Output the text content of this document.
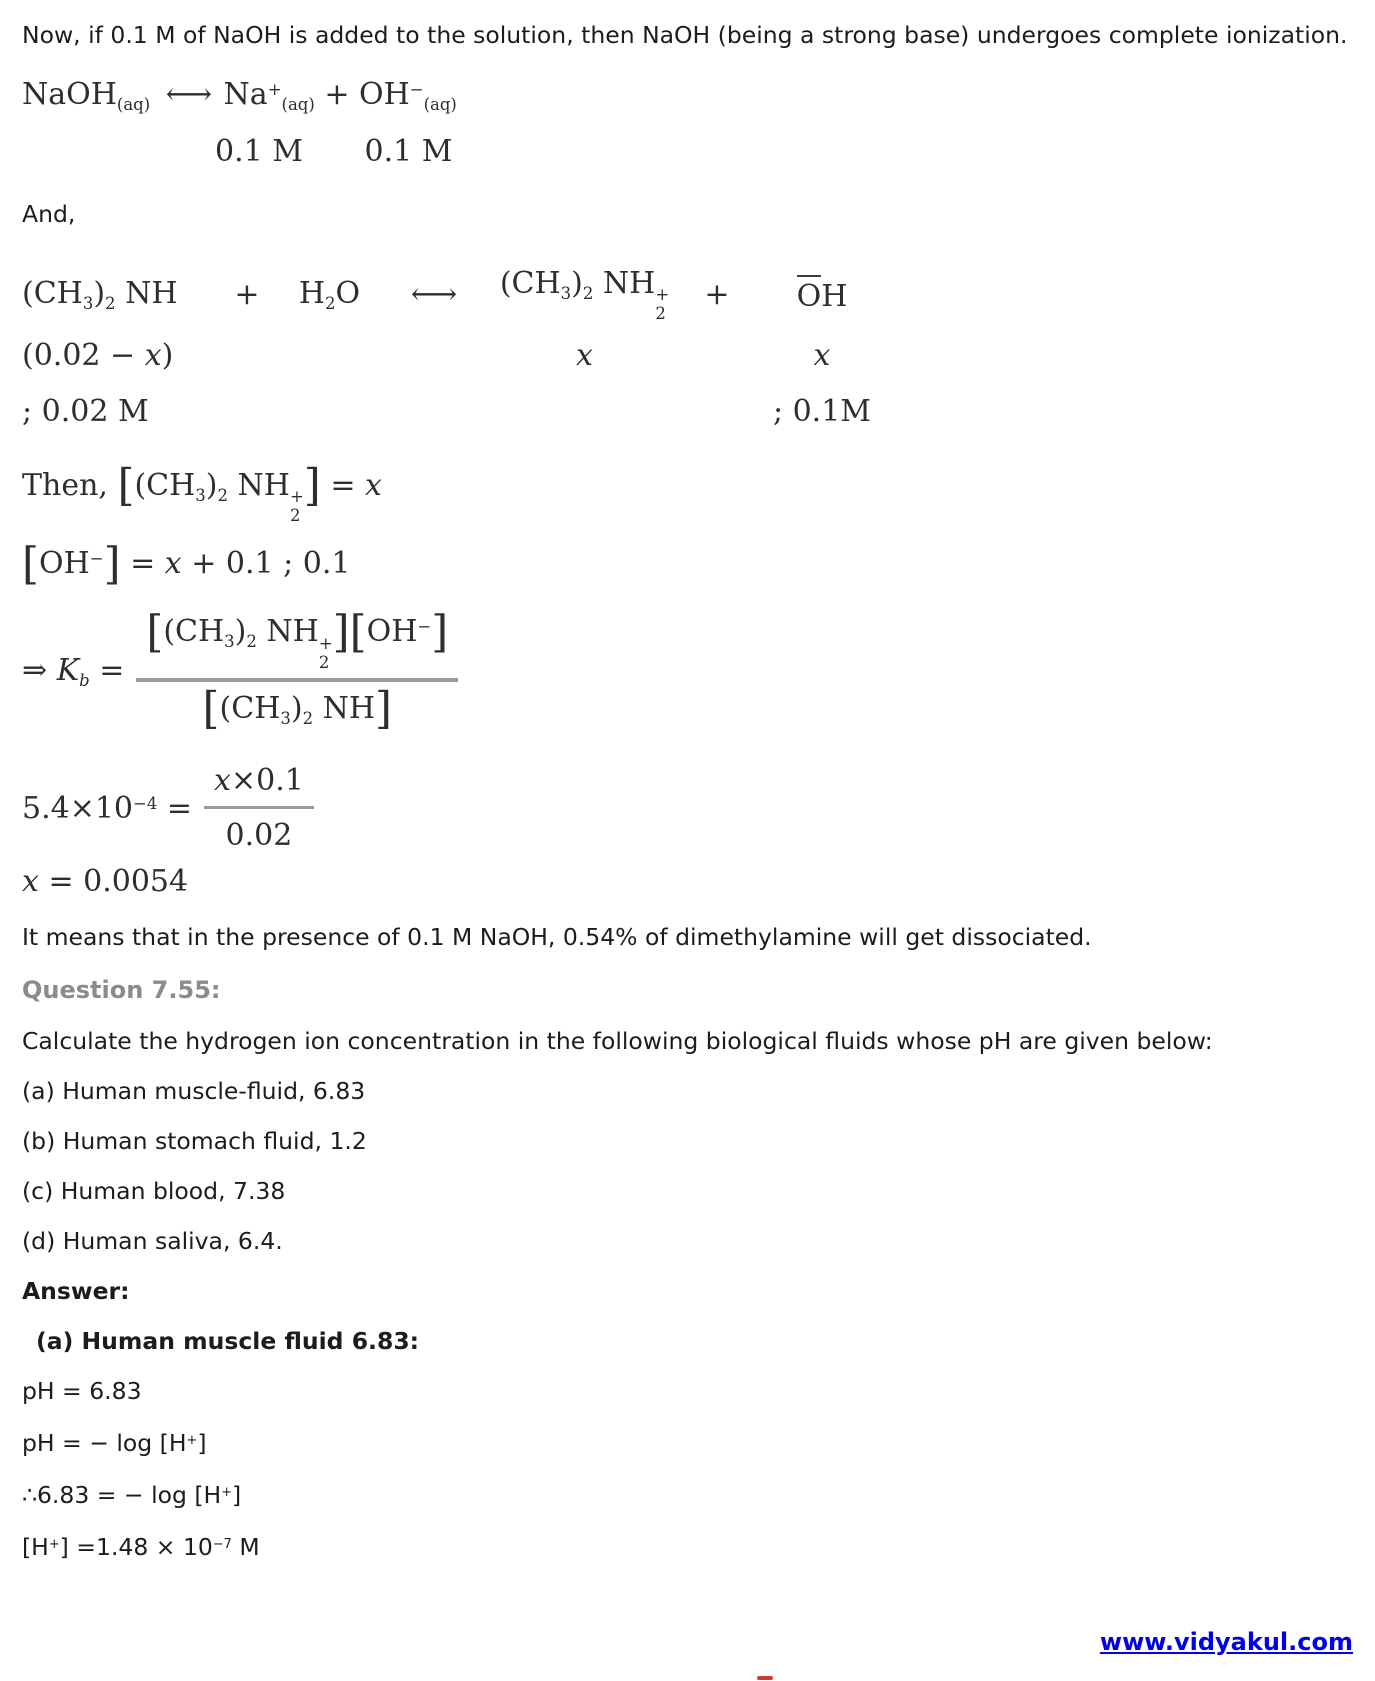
Now, if 0.1 M of NaOH is added to the solution, then NaOH (being a strong base) undergoes complete ionization.
NaOH(aq) ←→ Na+(aq) + OH−(aq)
0.1 M 0.1 M
And,
(CH3)2 NH	+	H2O	←→	(CH3)2 NH +
2
+	OH
(0.02 − x)	x	x
; 0.02 M	; 0.1M
Then, [(CH3)2 NH +
2
] = x
[OH−] = x + 0.1 ; 0.1
⇒ Kb = [(CH3)2 NH +
2
][OH−]
[(CH3)2 NH]
$5.4\times 10^{-4} = \frac{x\times 0.1}{0.02}$
x = 0.0054
It means that in the presence of 0.1 M NaOH, 0.54% of dimethylamine will get dissociated.
Question 7.55:
Calculate the hydrogen ion concentration in the following biological fluids whose pH are given below:
(a) Human muscle-fluid, 6.83
(b) Human stomach fluid, 1.2
(c) Human blood, 7.38
(d) Human saliva, 6.4.
Answer:
(a) Human muscle fluid 6.83:
pH = 6.83
pH = − log [H+]
∴6.83 = − log [H+]
$[H^+] =1.48 \times 10^{-7}$ M
www.vidyakul.com
